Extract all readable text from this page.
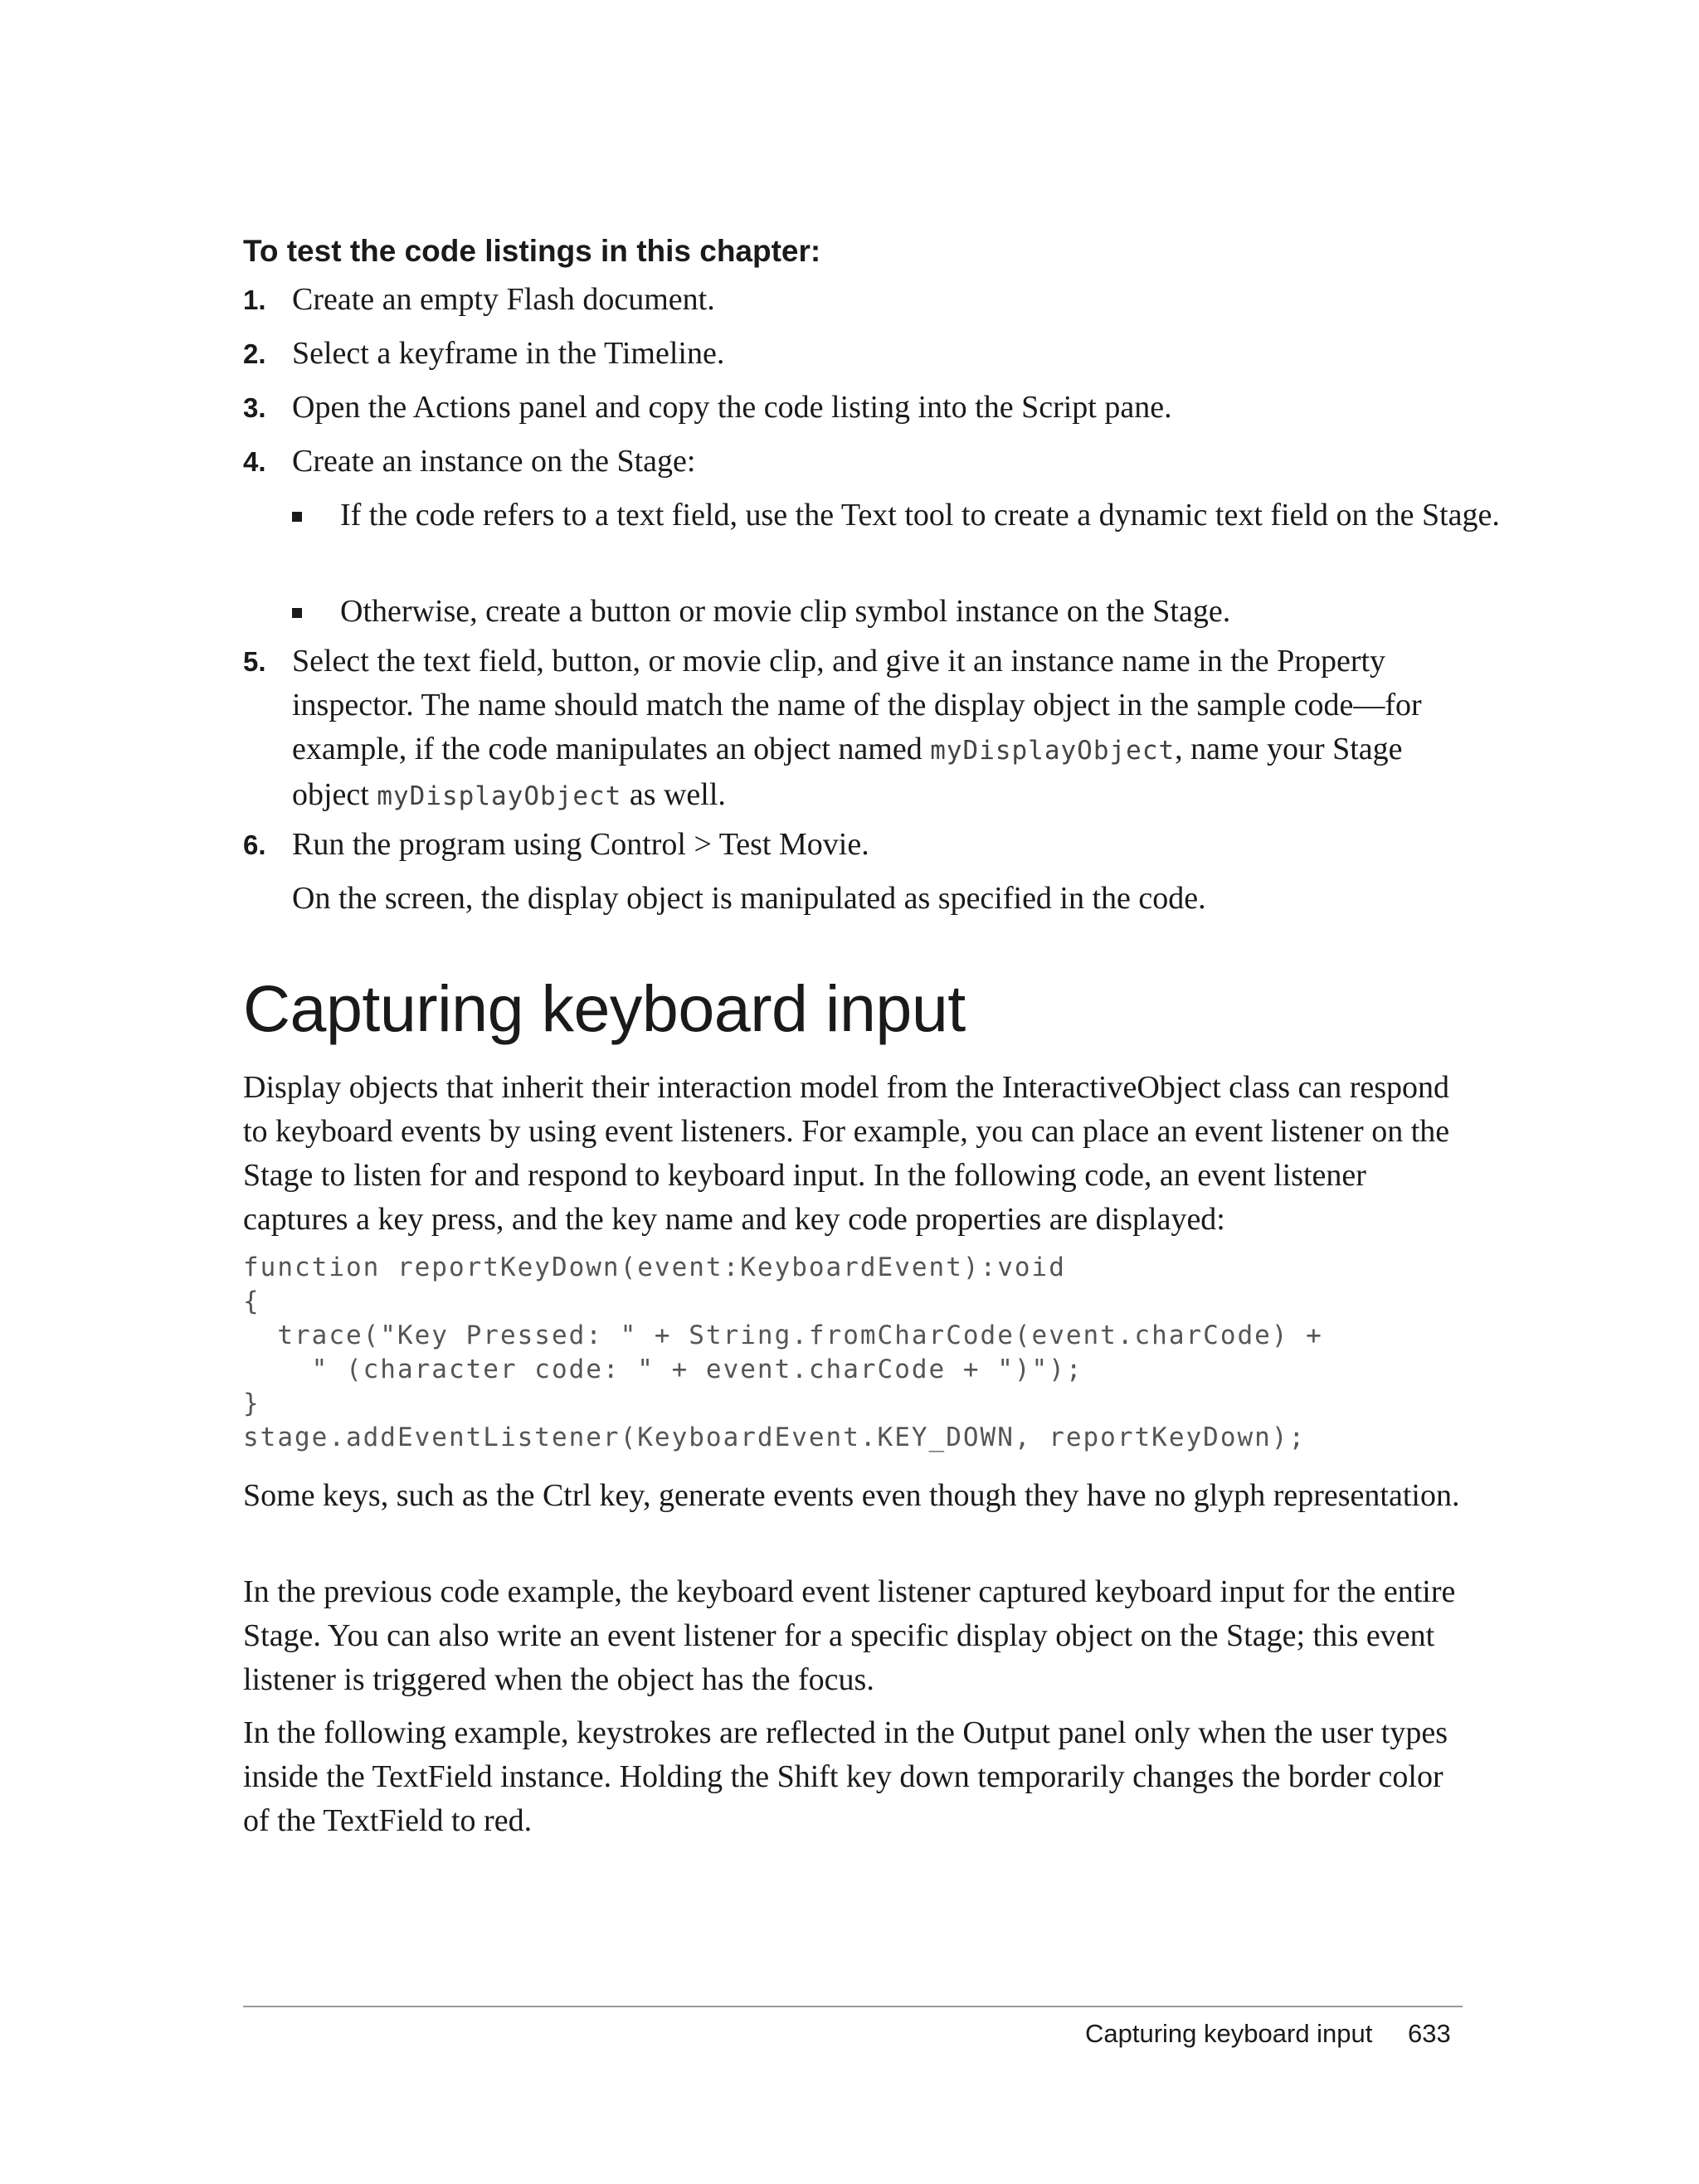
To test the code listings in this chapter:
1. Create an empty Flash document.
2. Select a keyframe in the Timeline.
3. Open the Actions panel and copy the code listing into the Script pane.
4. Create an instance on the Stage:
If the code refers to a text field, use the Text tool to create a dynamic text field on the Stage.
Otherwise, create a button or movie clip symbol instance on the Stage.
5. Select the text field, button, or movie clip, and give it an instance name in the Property inspector. The name should match the name of the display object in the sample code—for example, if the code manipulates an object named myDisplayObject, name your Stage object myDisplayObject as well.
6. Run the program using Control > Test Movie.
On the screen, the display object is manipulated as specified in the code.
Capturing keyboard input
Display objects that inherit their interaction model from the InteractiveObject class can respond to keyboard events by using event listeners. For example, you can place an event listener on the Stage to listen for and respond to keyboard input. In the following code, an event listener captures a key press, and the key name and key code properties are displayed:
function reportKeyDown(event:KeyboardEvent):void
{
trace("Key Pressed: " + String.fromCharCode(event.charCode) +
" (character code: " + event.charCode + ")");
}
stage.addEventListener(KeyboardEvent.KEY_DOWN, reportKeyDown);
Some keys, such as the Ctrl key, generate events even though they have no glyph representation.
In the previous code example, the keyboard event listener captured keyboard input for the entire Stage. You can also write an event listener for a specific display object on the Stage; this event listener is triggered when the object has the focus.
In the following example, keystrokes are reflected in the Output panel only when the user types inside the TextField instance. Holding the Shift key down temporarily changes the border color of the TextField to red.
Capturing keyboard input 633
